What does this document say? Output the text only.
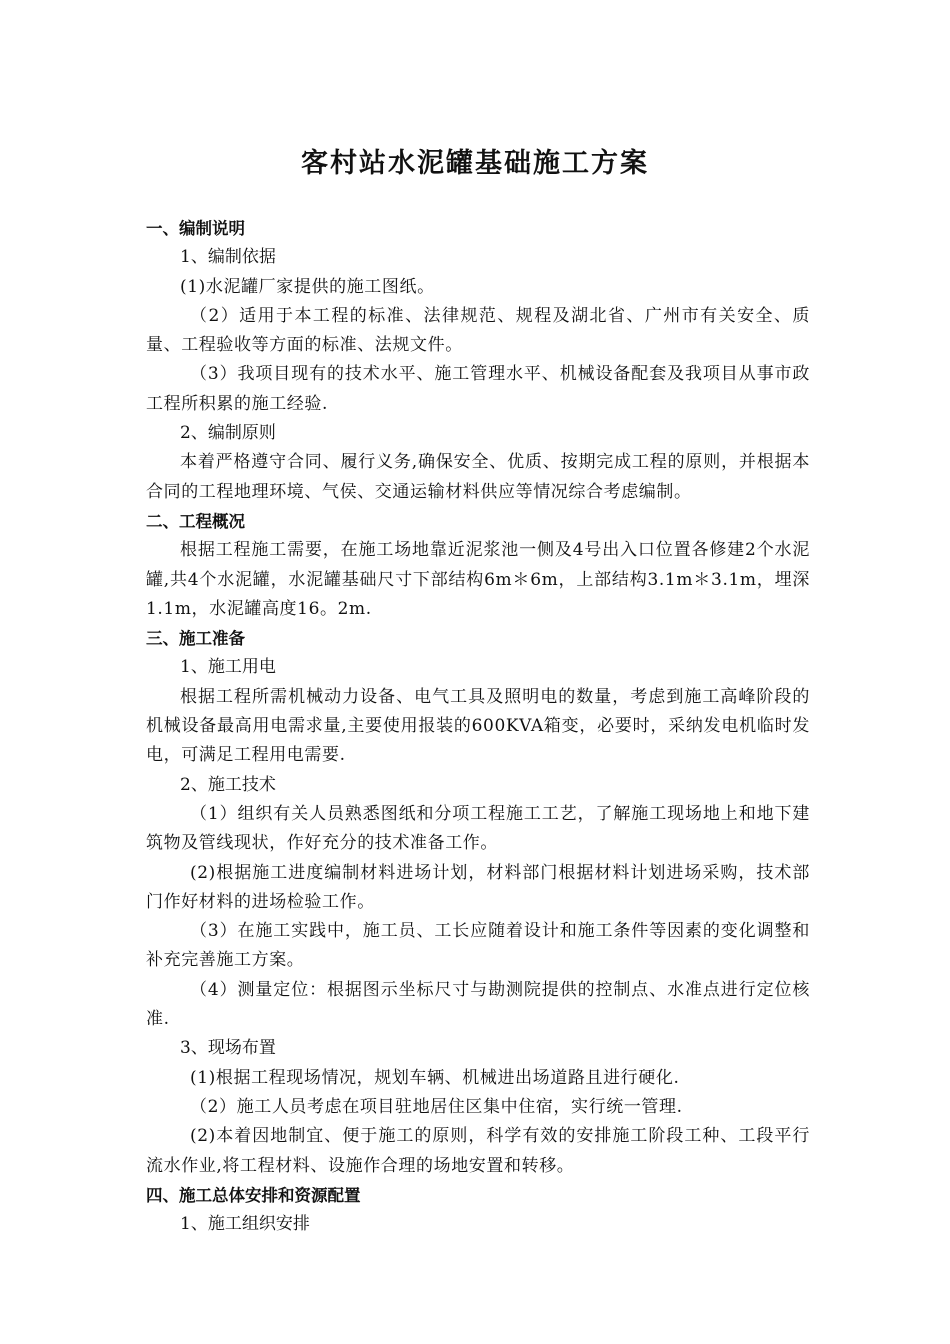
客村站水泥罐基础施工方案
一、编制说明
1、编制依据
(1)水泥罐厂家提供的施工图纸。
（2）适用于本工程的标准、法律规范、规程及湖北省、广州市有关安全、质量、工程验收等方面的标准、法规文件。
（3）我项目现有的技术水平、施工管理水平、机械设备配套及我项目从事市政工程所积累的施工经验.
2、编制原则
本着严格遵守合同、履行义务,确保安全、优质、按期完成工程的原则，并根据本合同的工程地理环境、气侯、交通运输材料供应等情况综合考虑编制。
二、工程概况
根据工程施工需要，在施工场地靠近泥浆池一侧及4号出入口位置各修建2个水泥罐,共4个水泥罐，水泥罐基础尺寸下部结构6m＊6m，上部结构3.1m＊3.1m，埋深1.1m，水泥罐高度16。2m.
三、施工准备
1、施工用电
根据工程所需机械动力设备、电气工具及照明电的数量，考虑到施工高峰阶段的机械设备最高用电需求量,主要使用报装的600KVA箱变，必要时，采纳发电机临时发电，可满足工程用电需要.
2、施工技术
（1）组织有关人员熟悉图纸和分项工程施工工艺，了解施工现场地上和地下建筑物及管线现状，作好充分的技术准备工作。
(2)根据施工进度编制材料进场计划，材料部门根据材料计划进场采购，技术部门作好材料的进场检验工作。
（3）在施工实践中，施工员、工长应随着设计和施工条件等因素的变化调整和补充完善施工方案。
（4）测量定位：根据图示坐标尺寸与勘测院提供的控制点、水准点进行定位核准.
3、现场布置
(1)根据工程现场情况，规划车辆、机械进出场道路且进行硬化.
（2）施工人员考虑在项目驻地居住区集中住宿，实行统一管理.
(2)本着因地制宜、便于施工的原则，科学有效的安排施工阶段工种、工段平行流水作业,将工程材料、设施作合理的场地安置和转移。
四、施工总体安排和资源配置
1、施工组织安排
